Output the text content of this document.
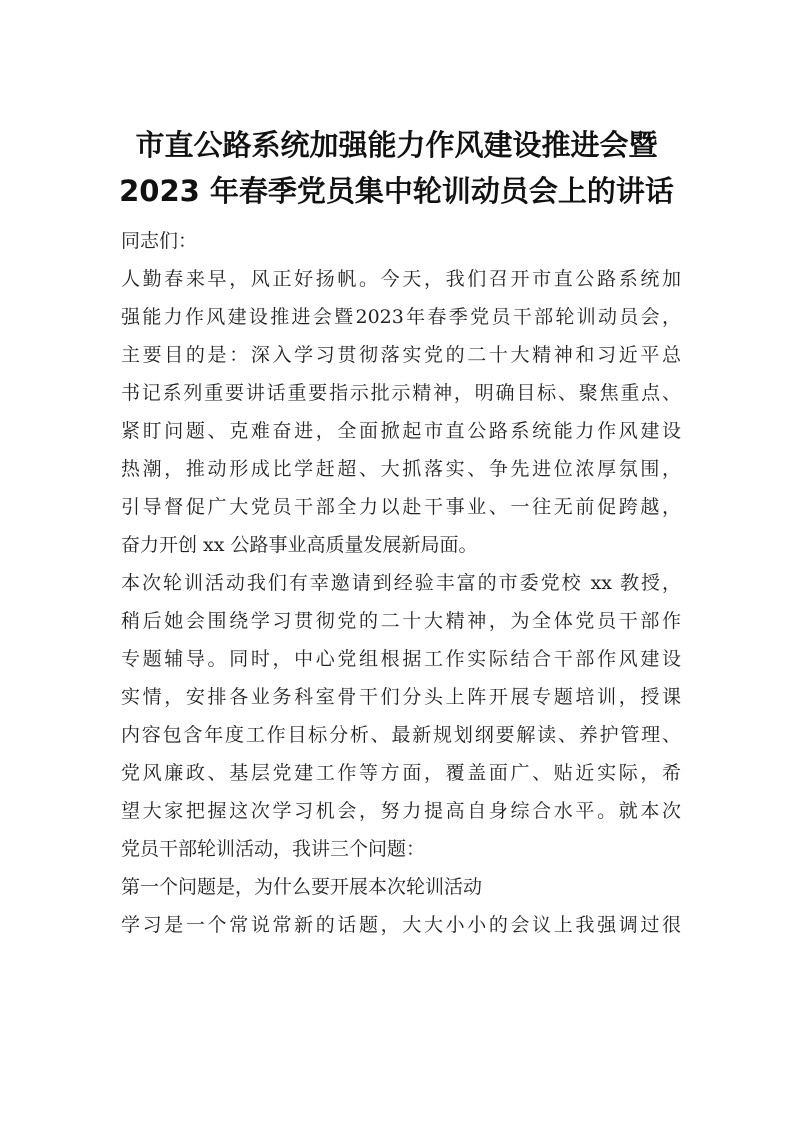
市直公路系统加强能力作风建设推进会暨
2023 年春季党员集中轮训动员会上的讲话
同志们：
人勤春来早，风正好扬帆。今天，我们召开市直公路系统加
强能力作风建设推进会暨2023年春季党员干部轮训动员会，
主要目的是：深入学习贯彻落实党的二十大精神和习近平总
书记系列重要讲话重要指示批示精神，明确目标、聚焦重点、
紧盯问题、克难奋进，全面掀起市直公路系统能力作风建设
热潮，推动形成比学赶超、大抓落实、争先进位浓厚氛围，
引导督促广大党员干部全力以赴干事业、一往无前促跨越，
奋力开创 xx 公路事业高质量发展新局面。
本次轮训活动我们有幸邀请到经验丰富的市委党校 xx 教授，
稍后她会围绕学习贯彻党的二十大精神，为全体党员干部作
专题辅导。同时，中心党组根据工作实际结合干部作风建设
实情，安排各业务科室骨干们分头上阵开展专题培训，授课
内容包含年度工作目标分析、最新规划纲要解读、养护管理、
党风廉政、基层党建工作等方面，覆盖面广、贴近实际，希
望大家把握这次学习机会，努力提高自身综合水平。就本次
党员干部轮训活动，我讲三个问题：
第一个问题是，为什么要开展本次轮训活动
学习是一个常说常新的话题，大大小小的会议上我强调过很
